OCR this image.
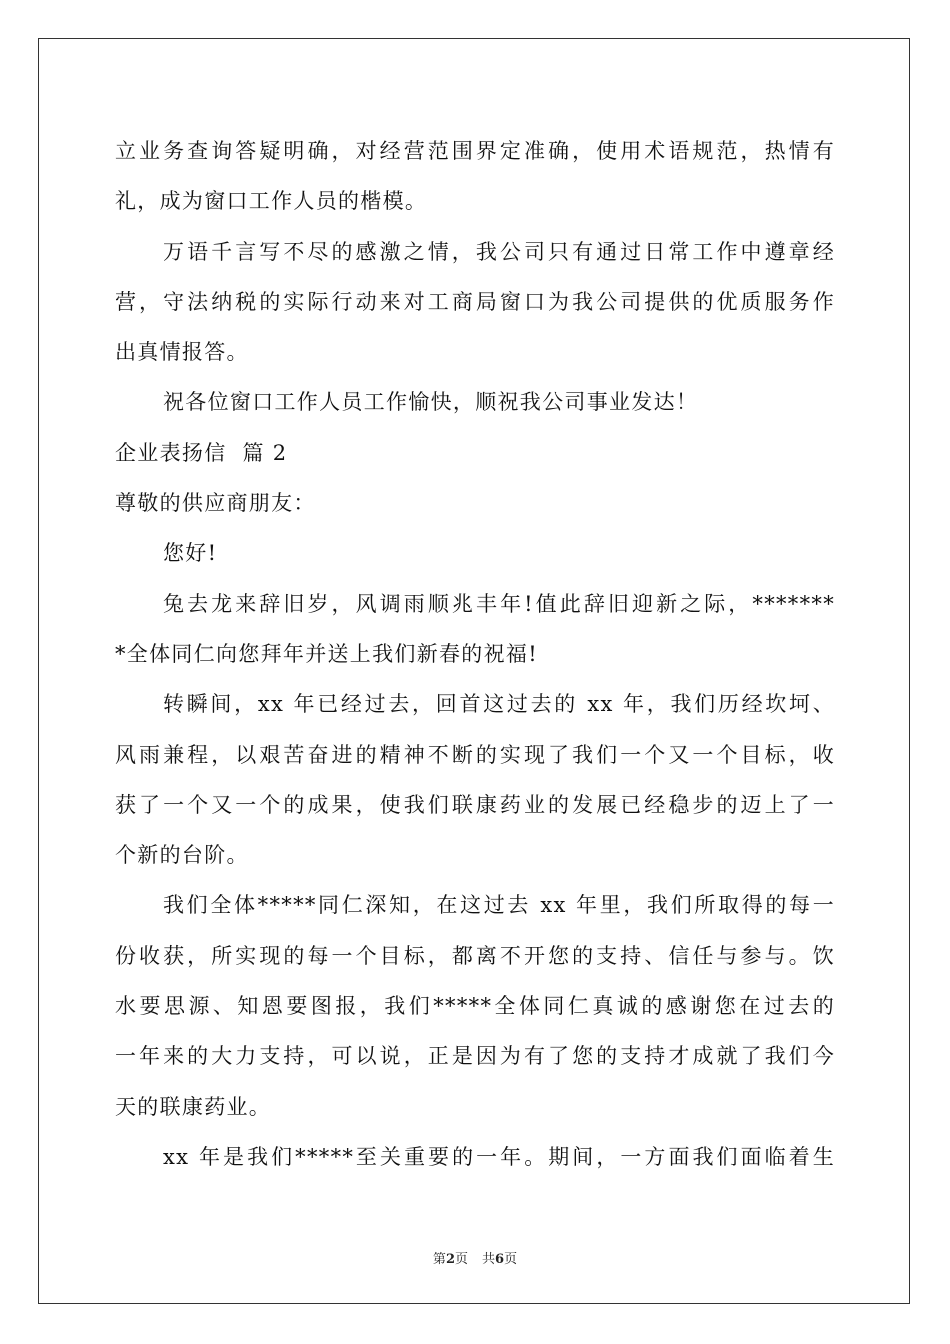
立业务查询答疑明确，对经营范围界定准确，使用术语规范，热情有
礼，成为窗口工作人员的楷模。
万语千言写不尽的感激之情，我公司只有通过日常工作中遵章经
营，守法纳税的实际行动来对工商局窗口为我公司提供的优质服务作
出真情报答。
祝各位窗口工作人员工作愉快，顺祝我公司事业发达！
企业表扬信  篇 2
尊敬的供应商朋友：
您好!
兔去龙来辞旧岁，风调雨顺兆丰年!值此辞旧迎新之际，*******
*全体同仁向您拜年并送上我们新春的祝福!
转瞬间，xx 年已经过去，回首这过去的 xx 年，我们历经坎坷、
风雨兼程，以艰苦奋进的精神不断的实现了我们一个又一个目标，收
获了一个又一个的成果，使我们联康药业的发展已经稳步的迈上了一
个新的台阶。
我们全体*****同仁深知，在这过去 xx 年里，我们所取得的每一
份收获，所实现的每一个目标，都离不开您的支持、信任与参与。饮
水要思源、知恩要图报，我们*****全体同仁真诚的感谢您在过去的
一年来的大力支持，可以说，正是因为有了您的支持才成就了我们今
天的联康药业。
xx 年是我们*****至关重要的一年。期间，一方面我们面临着生
第2页 共6页
